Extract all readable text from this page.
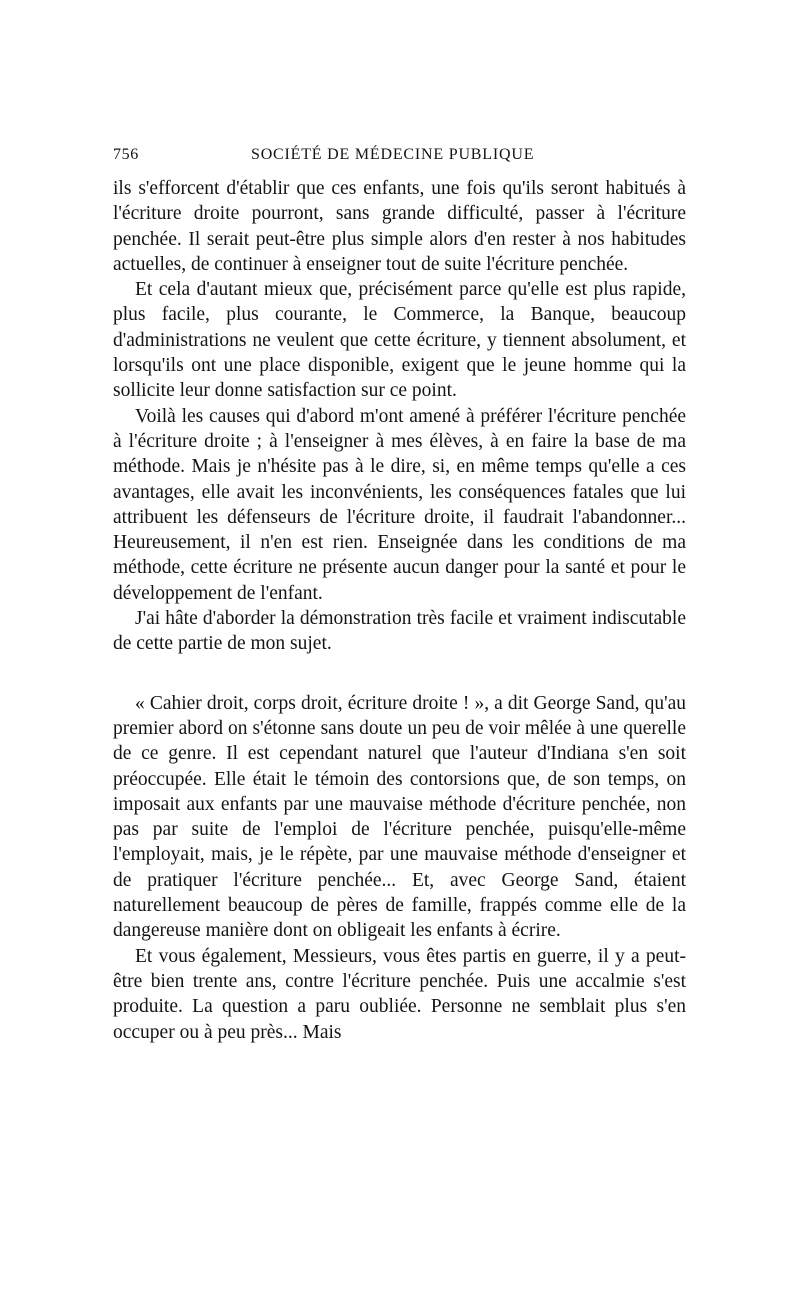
756	SOCIÉTÉ DE MÉDECINE PUBLIQUE

ils s'efforcent d'établir que ces enfants, une fois qu'ils seront habitués à l'écriture droite pourront, sans grande difficulté, passer à l'écriture penchée. Il serait peut-être plus simple alors d'en rester à nos habitudes actuelles, de continuer à enseigner tout de suite l'écriture penchée.

Et cela d'autant mieux que, précisément parce qu'elle est plus rapide, plus facile, plus courante, le Commerce, la Banque, beaucoup d'administrations ne veulent que cette écriture, y tiennent absolument, et lorsqu'ils ont une place disponible, exigent que le jeune homme qui la sollicite leur donne satisfaction sur ce point.

Voilà les causes qui d'abord m'ont amené à préférer l'écriture penchée à l'écriture droite ; à l'enseigner à mes élèves, à en faire la base de ma méthode. Mais je n'hésite pas à le dire, si, en même temps qu'elle a ces avantages, elle avait les inconvénients, les conséquences fatales que lui attribuent les défenseurs de l'écriture droite, il faudrait l'abandonner... Heureusement, il n'en est rien. Enseignée dans les conditions de ma méthode, cette écriture ne présente aucun danger pour la santé et pour le développement de l'enfant.

J'ai hâte d'aborder la démonstration très facile et vraiment indiscutable de cette partie de mon sujet.

« Cahier droit, corps droit, écriture droite ! », a dit George Sand, qu'au premier abord on s'étonne sans doute un peu de voir mêlée à une querelle de ce genre. Il est cependant naturel que l'auteur d'Indiana s'en soit préoccupée. Elle était le témoin des contorsions que, de son temps, on imposait aux enfants par une mauvaise méthode d'écriture penchée, non pas par suite de l'emploi de l'écriture penchée, puisqu'elle-même l'employait, mais, je le répète, par une mauvaise méthode d'enseigner et de pratiquer l'écriture penchée... Et, avec George Sand, étaient naturellement beaucoup de pères de famille, frappés comme elle de la dangereuse manière dont on obligeait les enfants à écrire.

Et vous également, Messieurs, vous êtes partis en guerre, il y a peut-être bien trente ans, contre l'écriture penchée. Puis une accalmie s'est produite. La question a paru oubliée. Personne ne semblait plus s'en occuper ou à peu près... Mais
